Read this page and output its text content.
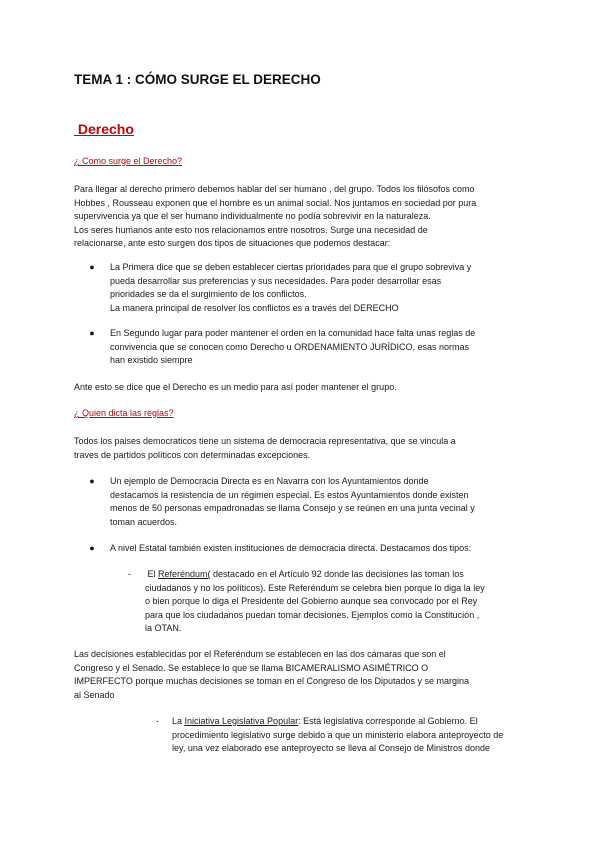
TEMA 1 : CÓMO SURGE EL DERECHO
Derecho
¿ Como surge el Derecho?
Para llegar al derecho primero debemos hablar del ser humano , del grupo. Todos los filósofos como
Hobbes , Rousseau exponen que el hombre es un animal social. Nos juntamos en sociedad por pura
supervivencia ya que el ser humano individualmente no podía sobrevivir en la naturaleza.
Los seres humanos ante esto nos relacionamos entre nosotros. Surge una necesidad de
relacionarse, ante esto surgen dos tipos de situaciones que podemos destacar:
● La Primera dice que se deben establecer ciertas prioridades para que el grupo sobreviva y
pueda desarrollar sus preferencias y sus necesidades. Para poder desarrollar esas
prioridades se da el surgimiento de los conflictos.
La manera principal de resolver los conflictos es a través del DERECHO
● En Segundo lugar para poder mantener el orden en la comunidad hace falta unas reglas de
convivencia que se conocen como Derecho u ORDENAMIENTO JURÍDICO, esas normas
han existido siempre
Ante esto se dice que el Derecho es un medio para así poder mantener el grupo.
¿ Quien dicta las reglas?
Todos los paises democraticos tiene un sistema de democracia representativa, que se vincula a
traves de partidos políticos con determinadas excepciones.
● Un ejemplo de Democracia Directa es en Navarra con los Ayuntamientos donde
destacamos la resistencia de un régimen especial. Es estos Ayuntamientos donde existen
menos de 50 personas empadronadas se llama Consejo y se reúnen en una junta vecinal y
toman acuerdos.
● A nivel Estatal también existen instituciones de democracia directa. Destacamos dos tipos:
- El Referéndum( destacado en el Artículo 92 donde las decisiones las toman los
ciudadanos y no los políticos). Este Referéndum se celebra bien porque lo diga la ley
o bien porque lo diga el Presidente del Gobierno aunque sea convocado por el Rey
para que los ciudadanos puedan tomar decisiones. Ejemplos como la Constitución ,
la OTAN.
Las decisiones establecidas por el Referéndum se establecen en las dos cámaras que son el
Congreso y el Senado. Se establece lo que se llama BICAMERALISMO ASIMÉTRICO O
IMPERFECTO porque muchas decisiones se toman en el Congreso de los Diputados y se margina
al Senado
- La Iniciativa Legislativa Popular: Está legislativa corresponde al Gobierno. El
procedimiento legislativo surge debido a que un ministerio elabora anteproyecto de
ley, una vez elaborado ese anteproyecto se lleva al Consejo de Ministros donde
